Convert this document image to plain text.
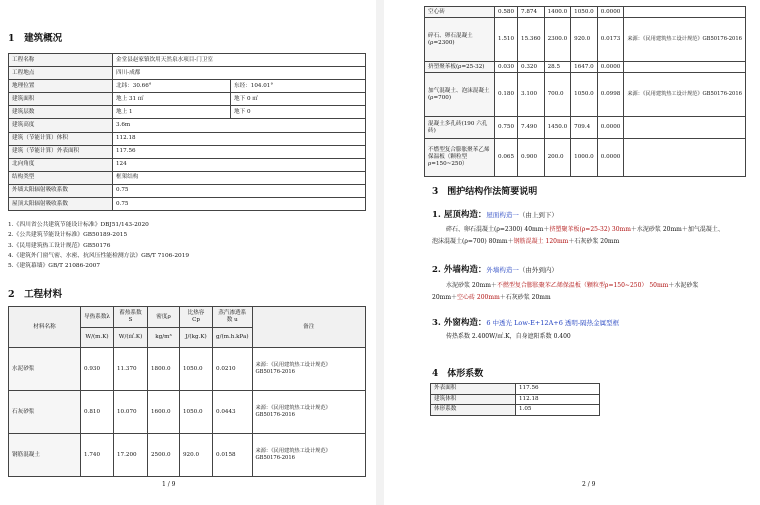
1　建筑概况
工程名称	金堂县赵家镇饮用天然泉水项目-门卫室	
工程地点	四川-成都	
地理位置	北纬：30.66°	东经：104.01°
建筑面积	地上 31 ㎡	地下 0 ㎡
建筑层数	地上 1	地下 0
建筑高度	3.6m	
建筑（节能计算）体积	112.18	
建筑（节能计算）外表面积	117.56	
北向角度	124	
结构类型	框架结构	
外墙太阳辐射吸收系数	0.75	
屋顶太阳辐射吸收系数	0.75	
1.《四川省公共建筑节能设计标准》DBJ51/143-2020
2.《公共建筑节能设计标准》GB50189-2015
3.《民用建筑热工设计规范》GB50176
4.《建筑外门窗气密、水密、抗风压性能检测方法》GB/T 7106-2019
5.《建筑幕墙》GB/T 21086-2007
2　工程材料
材料名称	导热系数λ	蓄热系数 S	密度ρ	比热容 Cp	蒸汽渗透系数 u	备注
	W/(m.K)	W/(㎡.K)	kg/m³	J/(kg.K)	g/(m.h.kPa)	
水泥砂浆	0.930	11.370	1800.0	1050.0	0.0210	来源：《民用建筑热工设计规范》
GB50176-2016

石灰砂浆	0.810	10.070	1600.0	1050.0	0.0443	来源：《民用建筑热工设计规范》
GB50176-2016

钢筋混凝土	1.740	17.200	2500.0	920.0	0.0158	来源：《民用建筑热工设计规范》
GB50176-2016
1 / 9
空心砖	0.580	7.874	1400.0	1050.0	0.0000	
碎石、卵石混凝土(ρ=2300)	1.510	15.360	2300.0	920.0	0.0173	来源：《民用建筑热工设计规范》GB50176-2016

挤塑聚苯板(ρ=25-32)	0.030	0.320	28.5	1647.0	0.0000	
加气混凝土、泡沫混凝土(ρ=700)	0.180	3.100	700.0	1050.0	0.0998	来源：《民用建筑热工设计规范》GB50176-2016

混凝土多孔砖(190 六孔砖)	0.750	7.490	1450.0	709.4	0.0000	
不燃型复合膨胀聚苯乙烯保温板（颗粒型ρ=150~250）	0.065	0.900	200.0	1000.0	0.0000	
3　围护结构作法简要说明
1. 屋顶构造：屋面构造一（由上到下）
碎石、卵石混凝土(ρ=2300) 40mm＋挤塑聚苯板(ρ=25-32) 30mm＋水泥砂浆 20mm＋加气混凝土、
泡沫混凝土(ρ=700) 80mm＋钢筋混凝土 120mm＋石灰砂浆 20mm
2. 外墙构造：外墙构造一（由外到内）
水泥砂浆 20mm＋不燃型复合膨胀聚苯乙烯保温板（颗粒型ρ=150~250） 50mm＋水泥砂浆
20mm＋空心砖 200mm＋石灰砂浆 20mm
3. 外窗构造：6 中透光 Low-E+12A+6 透明-隔热金属型框
传热系数 2.400W/㎡.K，自身遮阳系数 0.400
4　体形系数
外表面积	117.56
建筑体积	112.18
体形系数	1.05
2 / 9
